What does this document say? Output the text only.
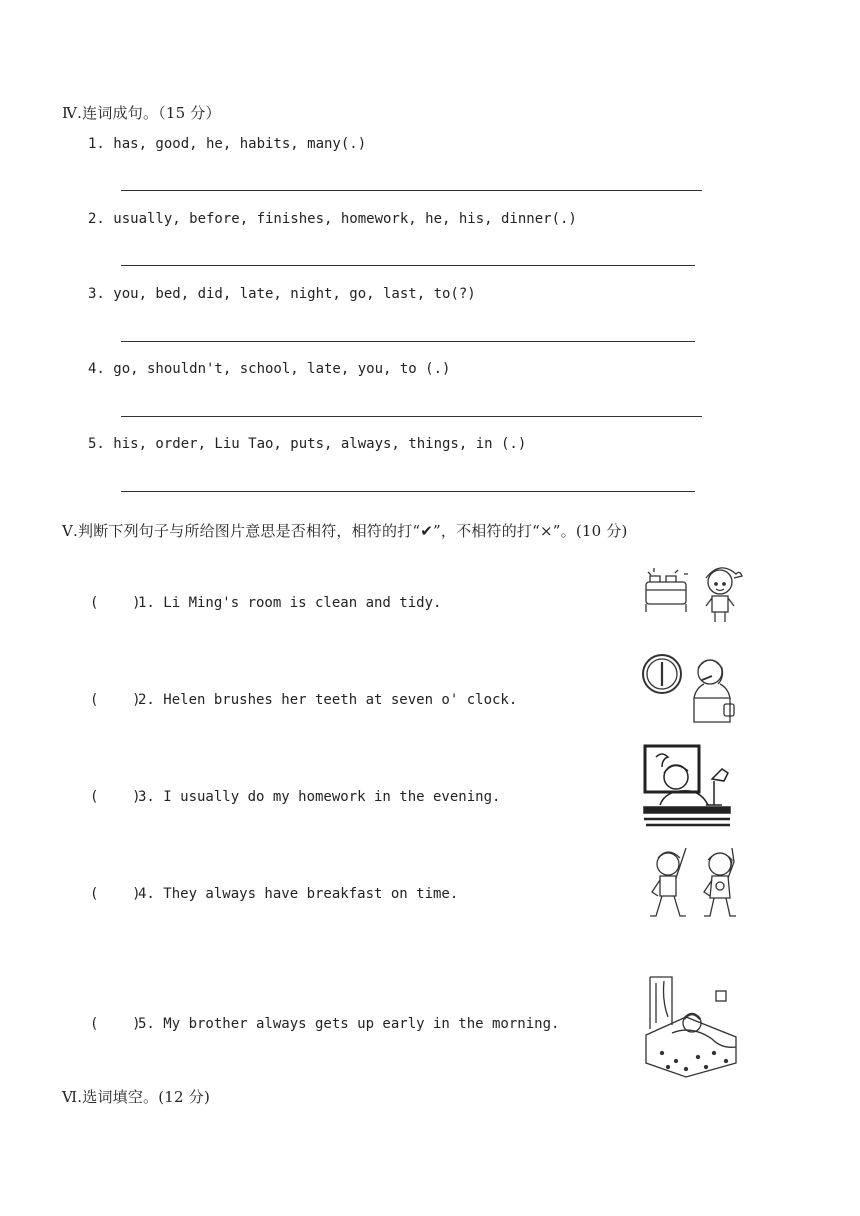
Ⅳ.连词成句。（15 分）
1. has, good, he, habits, many(.)
2. usually, before, finishes, homework, he, his, dinner(.)
3. you, bed, did, late, night, go, last, to(?)
4. go, shouldn't, school, late, you, to (.)
5. his, order, Liu Tao, puts, always, things, in (.)
Ⅴ.判断下列句子与所给图片意思是否相符，相符的打“✔”，不相符的打“×”。(10 分)
(    )
1. Li Ming's room is clean and tidy.
(    )
2. Helen brushes her teeth at seven o' clock.
(    )
3. I usually do my homework in the evening.
(    )
4. They always have breakfast on time.
(    )
5. My brother always gets up early in the morning.
Ⅵ.选词填空。(12 分)
